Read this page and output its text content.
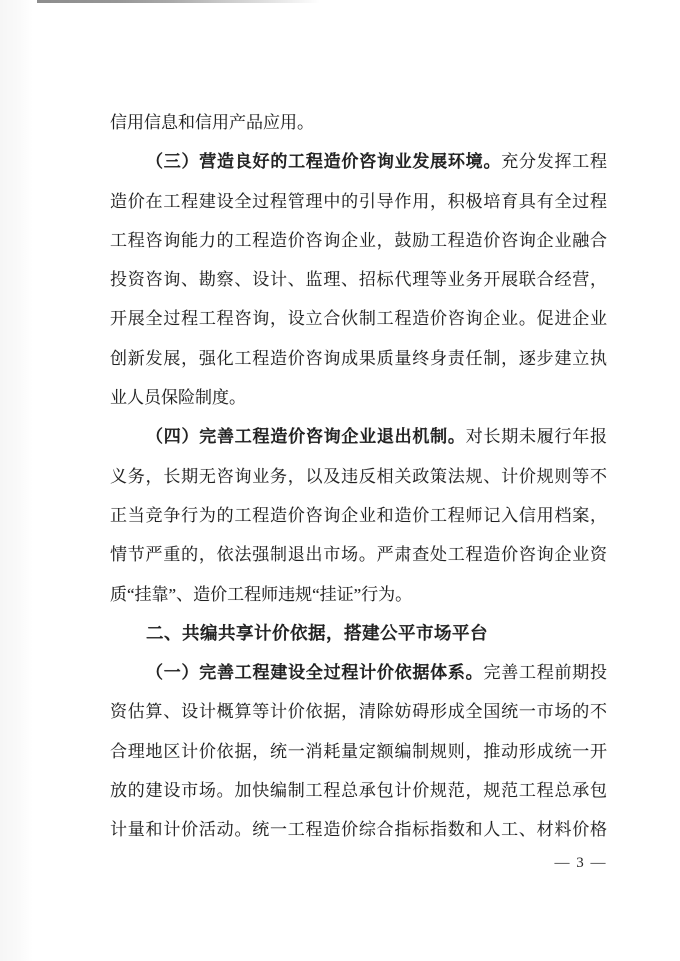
信用信息和信用产品应用。
（三）营造良好的工程造价咨询业发展环境。充分发挥工程
造价在工程建设全过程管理中的引导作用，积极培育具有全过程
工程咨询能力的工程造价咨询企业，鼓励工程造价咨询企业融合
投资咨询、勘察、设计、监理、招标代理等业务开展联合经营，
开展全过程工程咨询，设立合伙制工程造价咨询企业。促进企业
创新发展，强化工程造价咨询成果质量终身责任制，逐步建立执
业人员保险制度。
（四）完善工程造价咨询企业退出机制。对长期未履行年报
义务，长期无咨询业务，以及违反相关政策法规、计价规则等不
正当竞争行为的工程造价咨询企业和造价工程师记入信用档案，
情节严重的，依法强制退出市场。严肃查处工程造价咨询企业资
质“挂靠”、造价工程师违规“挂证”行为。
二、共编共享计价依据，搭建公平市场平台
（一）完善工程建设全过程计价依据体系。完善工程前期投
资估算、设计概算等计价依据，清除妨碍形成全国统一市场的不
合理地区计价依据，统一消耗量定额编制规则，推动形成统一开
放的建设市场。加快编制工程总承包计价规范，规范工程总承包
计量和计价活动。统一工程造价综合指标指数和人工、材料价格
— 3 —
